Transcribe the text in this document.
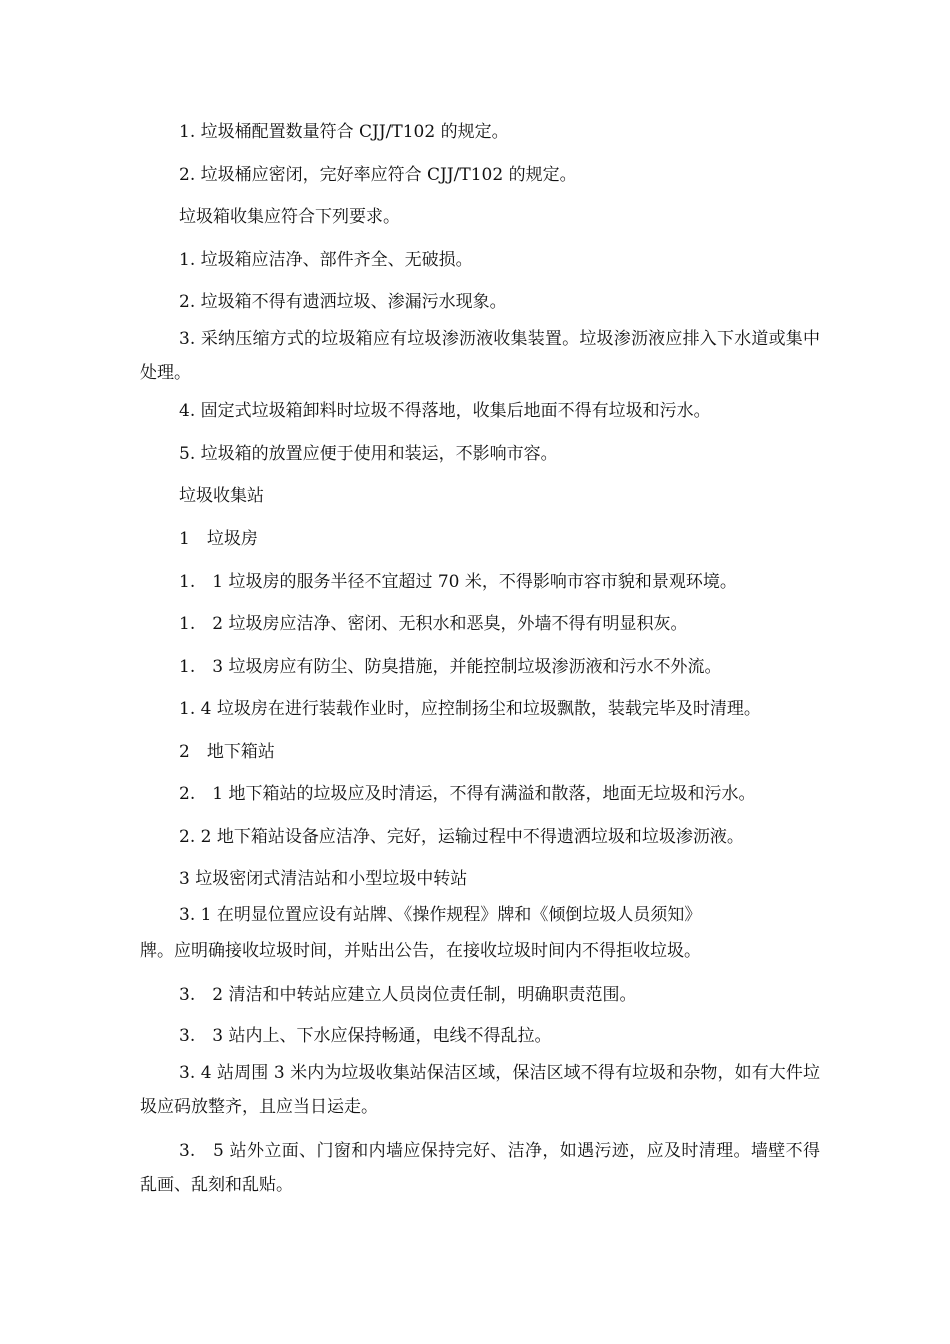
1. 垃圾桶配置数量符合 CJJ/T102 的规定。
2. 垃圾桶应密闭，完好率应符合 CJJ/T102 的规定。
垃圾箱收集应符合下列要求。
1. 垃圾箱应洁净、部件齐全、无破损。
2. 垃圾箱不得有遗洒垃圾、渗漏污水现象。
3. 采纳压缩方式的垃圾箱应有垃圾渗沥液收集装置。垃圾渗沥液应排入下水道或集中处理。
4. 固定式垃圾箱卸料时垃圾不得落地，收集后地面不得有垃圾和污水。
5. 垃圾箱的放置应便于使用和装运，不影响市容。
垃圾收集站
1　垃圾房
1.　1 垃圾房的服务半径不宜超过 70 米，不得影响市容市貌和景观环境。
1.　2 垃圾房应洁净、密闭、无积水和恶臭，外墙不得有明显积灰。
1.　3 垃圾房应有防尘、防臭措施，并能控制垃圾渗沥液和污水不外流。
1. 4 垃圾房在进行装载作业时，应控制扬尘和垃圾飘散，装载完毕及时清理。
2　地下箱站
2.　1 地下箱站的垃圾应及时清运，不得有满溢和散落，地面无垃圾和污水。
2. 2 地下箱站设备应洁净、完好，运输过程中不得遗洒垃圾和垃圾渗沥液。
3 垃圾密闭式清洁站和小型垃圾中转站
3. 1 在明显位置应设有站牌、《操作规程》牌和《倾倒垃圾人员须知》
牌。应明确接收垃圾时间，并贴出公告，在接收垃圾时间内不得拒收垃圾。
3.　2 清洁和中转站应建立人员岗位责任制，明确职责范围。
3.　3 站内上、下水应保持畅通，电线不得乱拉。
3. 4 站周围 3 米内为垃圾收集站保洁区域，保洁区域不得有垃圾和杂物，如有大件垃圾应码放整齐，且应当日运走。
3.　5 站外立面、门窗和内墙应保持完好、洁净，如遇污迹，应及时清理。墙壁不得乱画、乱刻和乱贴。
